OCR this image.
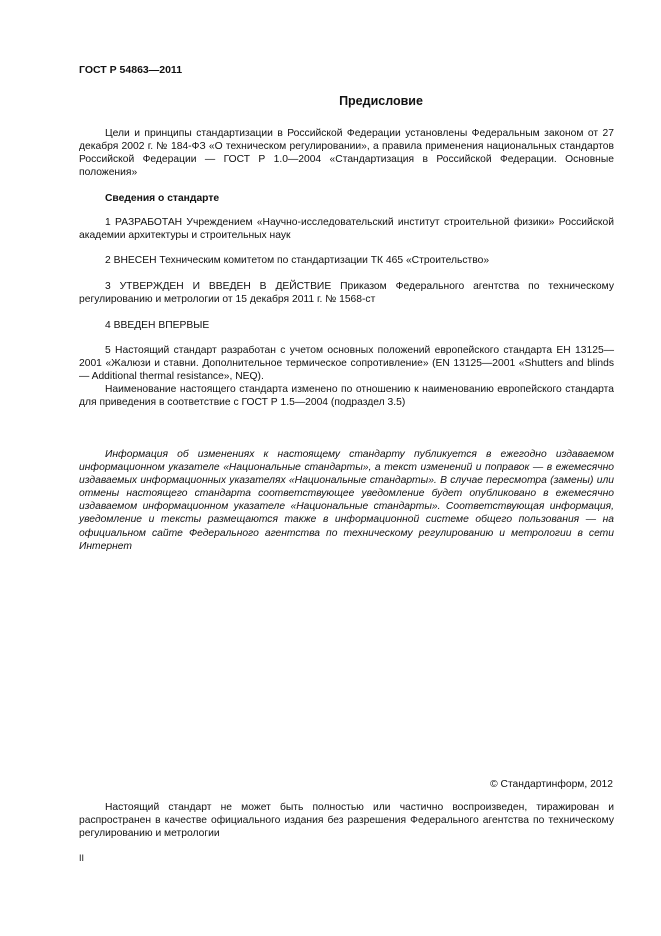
ГОСТ Р 54863—2011
Предисловие

Цели и принципы стандартизации в Российской Федерации установлены Федеральным законом от 27 декабря 2002 г. № 184-ФЗ «О техническом регулировании», а правила применения национальных стандартов Российской Федерации — ГОСТ Р 1.0—2004 «Стандартизация в Российской Федерации. Основные положения»

Сведения о стандарте

1 РАЗРАБОТАН Учреждением «Научно-исследовательский институт строительной физики» Российской академии архитектуры и строительных наук

2 ВНЕСЕН Техническим комитетом по стандартизации ТК 465 «Строительство»

3 УТВЕРЖДЕН И ВВЕДЕН В ДЕЙСТВИЕ Приказом Федерального агентства по техническому регулированию и метрологии от 15 декабря 2011 г. № 1568-ст

4 ВВЕДЕН ВПЕРВЫЕ

5 Настоящий стандарт разработан с учетом основных положений европейского стандарта ЕН 13125—2001 «Жалюзи и ставни. Дополнительное термическое сопротивление» (EN 13125—2001 «Shutters and blinds — Additional thermal resistance», NEQ).

Наименование настоящего стандарта изменено по отношению к наименованию европейского стандарта для приведения в соответствие с ГОСТ Р 1.5—2004 (подраздел 3.5)

Информация об изменениях к настоящему стандарту публикуется в ежегодно издаваемом информационном указателе «Национальные стандарты», а текст изменений и поправок — в ежемесячно издаваемых информационных указателях «Национальные стандарты». В случае пересмотра (замены) или отмены настоящего стандарта соответствующее уведомление будет опубликовано в ежемесячно издаваемом информационном указателе «Национальные стандарты». Соответствующая информация, уведомление и тексты размещаются также в информационной системе общего пользования — на официальном сайте Федерального агентства по техническому регулированию и метрологии в сети Интернет

© Стандартинформ, 2012

Настоящий стандарт не может быть полностью или частично воспроизведен, тиражирован и распространен в качестве официального издания без разрешения Федерального агентства по техническому регулированию и метрологии

II
